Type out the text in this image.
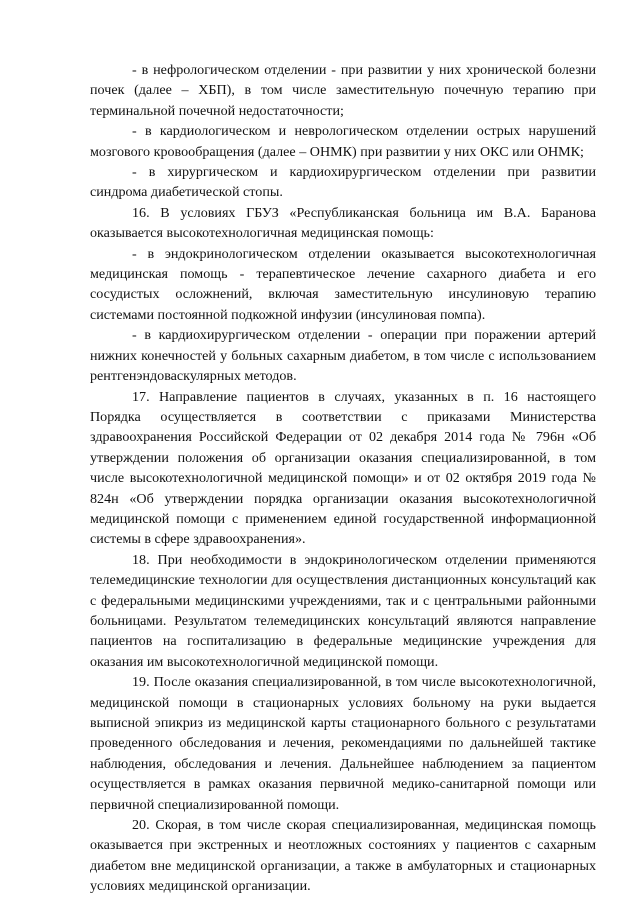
- в нефрологическом отделении - при развитии у них хронической болезни почек (далее – ХБП), в том числе заместительную почечную терапию при терминальной почечной недостаточности;

- в кардиологическом и неврологическом отделении острых нарушений мозгового кровообращения (далее – ОНМК) при развитии у них ОКС или ОНМК;

- в хирургическом и кардиохирургическом отделении при развитии синдрома диабетической стопы.

16. В условиях ГБУЗ «Республиканская больница им В.А. Баранова оказывается высокотехнологичная медицинская помощь:

- в эндокринологическом отделении оказывается высокотехнологичная медицинская помощь - терапевтическое лечение сахарного диабета и его сосудистых осложнений, включая заместительную инсулиновую терапию системами постоянной подкожной инфузии (инсулиновая помпа).

- в кардиохирургическом отделении - операции при поражении артерий нижних конечностей у больных сахарным диабетом, в том числе с использованием рентгенэндоваскулярных методов.

17. Направление пациентов в случаях, указанных в п. 16 настоящего Порядка осуществляется в соответствии с приказами Министерства здравоохранения Российской Федерации от 02 декабря 2014 года № 796н «Об утверждении положения об организации оказания специализированной, в том числе высокотехнологичной медицинской помощи» и от 02 октября 2019 года № 824н «Об утверждении порядка организации оказания высокотехнологичной медицинской помощи с применением единой государственной информационной системы в сфере здравоохранения».

18. При необходимости в эндокринологическом отделении применяются телемедицинские технологии для осуществления дистанционных консультаций как с федеральными медицинскими учреждениями, так и с центральными районными больницами. Результатом телемедицинских консультаций являются направление пациентов на госпитализацию в федеральные медицинские учреждения для оказания им высокотехнологичной медицинской помощи.

19. После оказания специализированной, в том числе высокотехнологичной, медицинской помощи в стационарных условиях больному на руки выдается выписной эпикриз из медицинской карты стационарного больного с результатами проведенного обследования и лечения, рекомендациями по дальнейшей тактике наблюдения, обследования и лечения. Дальнейшее наблюдением за пациентом осуществляется в рамках оказания первичной медико-санитарной помощи или первичной специализированной помощи.

20. Скорая, в том числе скорая специализированная, медицинская помощь оказывается при экстренных и неотложных состояниях у пациентов с сахарным диабетом вне медицинской организации, а также в амбулаторных и стационарных условиях медицинской организации.
